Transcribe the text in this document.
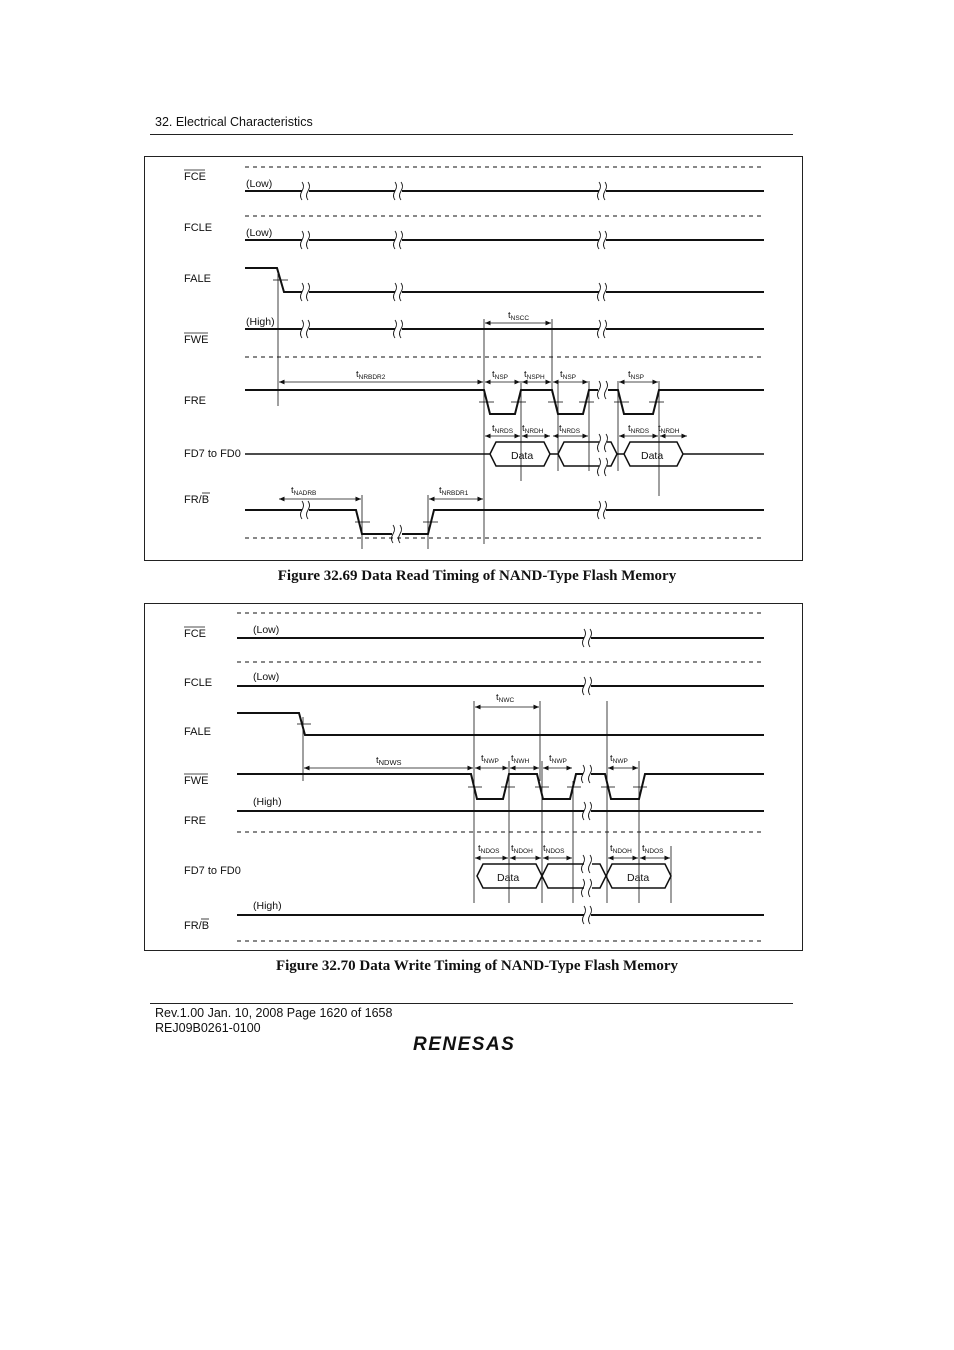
32. Electrical Characteristics
FCE
FCLE
FALE
FWE
FRE
FD7 to FD0
FR/B
(Low)
(Low)
(High)
Data	Data
$t_{NSCC}$
$t_{NRBDR2}$	$t_{NSP}$ $t_{NSPH}$ $t_{NSP}$	$t_{NSP}$
$t_{NRDS}$ $t_{NRDH}$ $t_{NRDS}$	$t_{NRDS}$ $t_{NRDH}$
$t_{NADRB}$	$t_{NRBDR1}$
Figure 32.69 Data Read Timing of NAND-Type Flash Memory
FCE
FCLE
FALE
FWE
FRE
FD7 to FD0
FR/B
(Low)
(Low)
(High)
(High)
Data	Data
$t_{NWC}$
$t_{NDWS}$	$t_{NWP}$ $t_{NWH}$ $t_{NWP}$	$t_{NWP}$
$t_{NDOS}$ $t_{NDOH}$ $t_{NDOS}$	$t_{NDOH}$ $t_{NDOS}$
Figure 32.70 Data Write Timing of NAND-Type Flash Memory
Rev.1.00 Jan. 10, 2008 Page 1620 of 1658
REJ09B0261-0100
RENESAS
